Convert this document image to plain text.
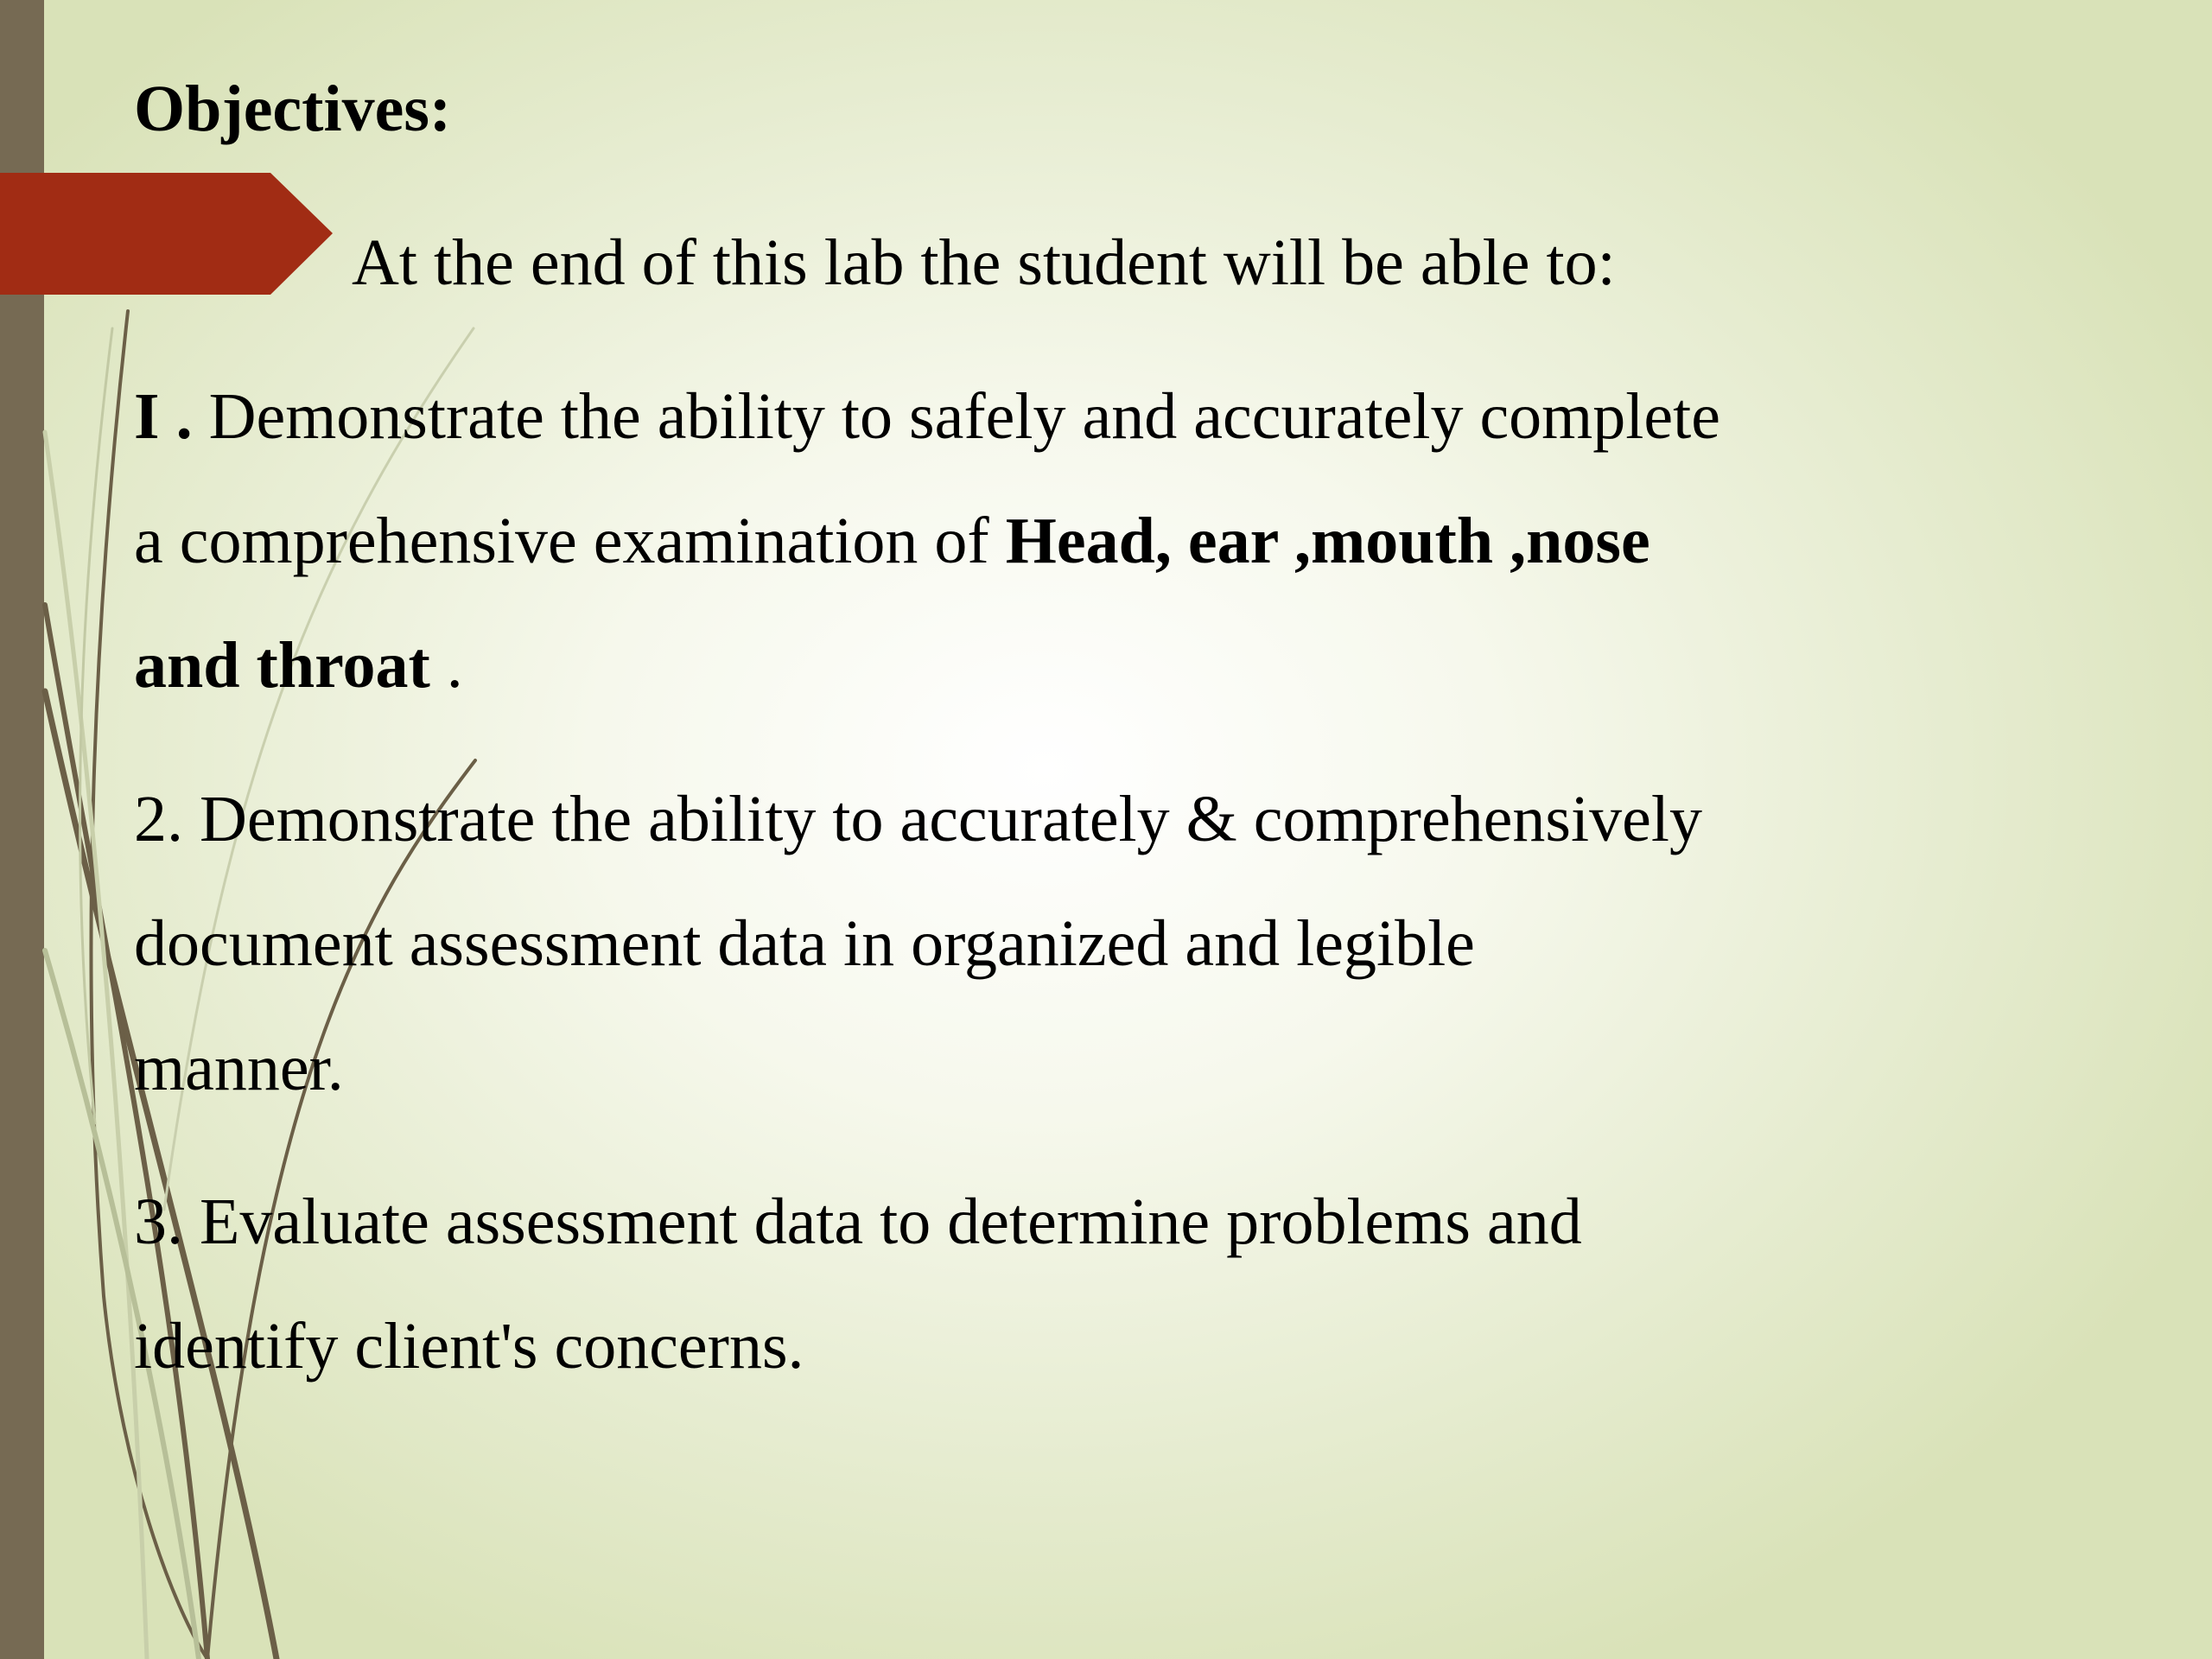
Objectives:
At the end of this lab the student will be able to:
I . Demonstrate the ability to safely and accurately complete
a comprehensive examination of Head, ear ,mouth ,nose
and throat .
2. Demonstrate the ability to accurately & comprehensively
document assessment data in organized and legible
manner.
3. Evaluate assessment data to determine problems and
identify client's concerns.
